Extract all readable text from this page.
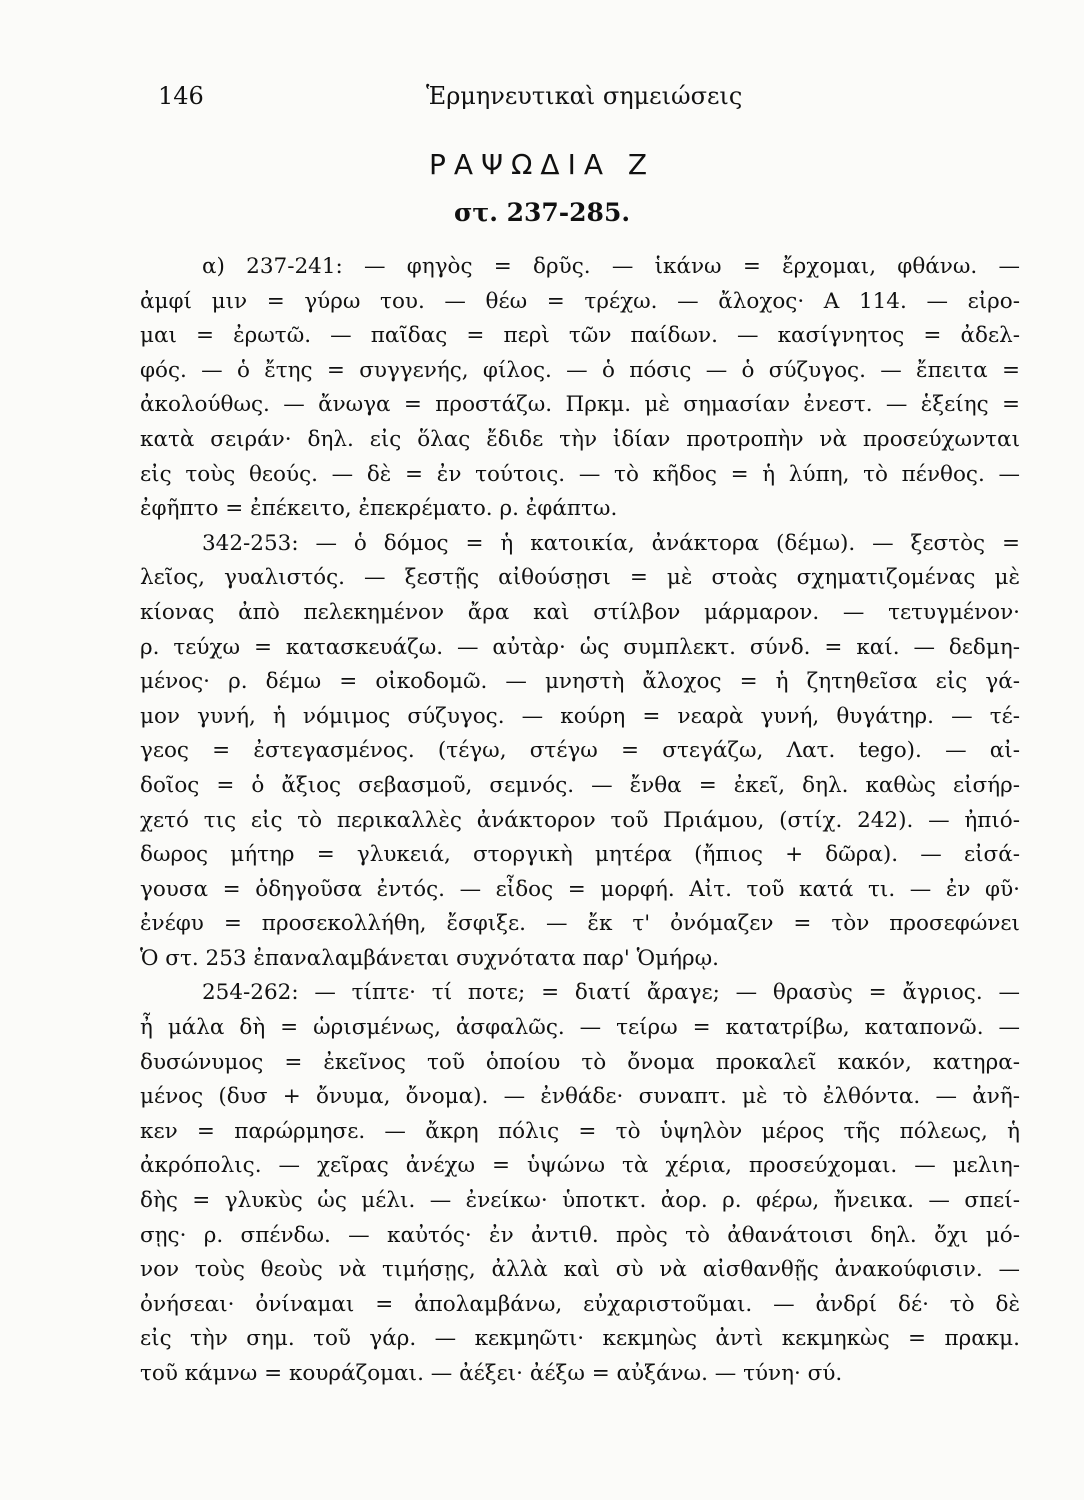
146	Ἑρμηνευτικαὶ σημειώσεις
ΡΑΨΩΔΙΑ Ζ
στ. 237-285.
α) 237-241: — φηγὸς = δρῦς. — ἱκάνω = ἔρχομαι, φθάνω. —
ἀμφί μιν = γύρω του. — θέω = τρέχω. — ἄλοχος· Α 114. — εἰρο-
μαι = ἐρωτῶ. — παῖδας = περὶ τῶν παίδων. — κασίγνητος = ἀδελ-
φός. — ὁ ἔτης = συγγενής, φίλος. — ὁ πόσις — ὁ σύζυγος. — ἔπειτα =
ἀκολούθως. — ἄνωγα = προστάζω. Πρκμ. μὲ σημασίαν ἐνεστ. — ἑξείης =
κατὰ σειράν· δηλ. εἰς ὅλας ἔδιδε τὴν ἰδίαν προτροπὴν νὰ προσεύχωνται
εἰς τοὺς θεούς. — δὲ = ἐν τούτοις. — τὸ κῆδος = ἡ λύπη, τὸ πένθος. —
ἐφῆπτο = ἐπέκειτο, ἐπεκρέματο. ρ. ἐφάπτω.
342-253: — ὁ δόμος = ἡ κατοικία, ἀνάκτορα (δέμω). — ξεστὸς =
λεῖος, γυαλιστός. — ξεστῇς αἰθούσῃσι = μὲ στοὰς σχηματιζομένας μὲ
κίονας ἀπὸ πελεκημένον ἄρα καὶ στίλβον μάρμαρον. — τετυγμένον·
ρ. τεύχω = κατασκευάζω. — αὐτὰρ· ὡς συμπλεκτ. σύνδ. = καί. — δεδμη-
μένος· ρ. δέμω = οἰκοδομῶ. — μνηστὴ ἄλοχος = ἡ ζητηθεῖσα εἰς γά-
μον γυνή, ἡ νόμιμος σύζυγος. — κούρη = νεαρὰ γυνή, θυγάτηρ. — τέ-
γεος = ἐστεγασμένος. (τέγω, στέγω = στεγάζω, Λατ. tego). — αἰ-
δοῖος = ὁ ἄξιος σεβασμοῦ, σεμνός. — ἔνθα = ἐκεῖ, δηλ. καθὼς εἰσήρ-
χετό τις εἰς τὸ περικαλλὲς ἀνάκτορον τοῦ Πριάμου, (στίχ. 242). — ἠπιό-
δωρος μήτηρ = γλυκειά, στοργικὴ μητέρα (ἤπιος + δῶρα). — εἰσά-
γουσα = ὁδηγοῦσα ἐντός. — εἶδος = μορφή. Αἰτ. τοῦ κατά τι. — ἐν φῦ·
ἐνέφυ = προσεκολλήθη, ἔσφιξε. — ἔκ τ' ὀνόμαζεν = τὸν προσεφώνει
Ὁ στ. 253 ἐπαναλαμβάνεται συχνότατα παρ' Ὁμήρῳ.
254-262: — τίπτε· τί ποτε; = διατί ἄραγε; — θρασὺς = ἄγριος. —
ἦ μάλα δὴ = ὡρισμένως, ἀσφαλῶς. — τείρω = κατατρίβω, καταπονῶ. —
δυσώνυμος = ἐκεῖνος τοῦ ὁποίου τὸ ὄνομα προκαλεῖ κακόν, κατηρα-
μένος (δυσ + ὄνυμα, ὄνομα). — ἐνθάδε· συναπτ. μὲ τὸ ἐλθόντα. — ἀνῆ-
κεν = παρώρμησε. — ἄκρη πόλις = τὸ ὑψηλὸν μέρος τῆς πόλεως, ἡ
ἀκρόπολις. — χεῖρας ἀνέχω = ὑψώνω τὰ χέρια, προσεύχομαι. — μελιη-
δὴς = γλυκὺς ὡς μέλι. — ἐνείκω· ὑποτκτ. ἀορ. ρ. φέρω, ἤνεικα. — σπεί-
σῃς· ρ. σπένδω. — καὐτός· ἐν ἀντιθ. πρὸς τὸ ἀθανάτοισι δηλ. ὄχι μό-
νον τοὺς θεοὺς νὰ τιμήσῃς, ἀλλὰ καὶ σὺ νὰ αἰσθανθῇς ἀνακούφισιν. —
ὀνήσεαι· ὀνίναμαι = ἀπολαμβάνω, εὐχαριστοῦμαι. — ἀνδρί δέ· τὸ δὲ
εἰς τὴν σημ. τοῦ γάρ. — κεκμηῶτι· κεκμηὼς ἀντὶ κεκμηκὼς = πρακμ.
τοῦ κάμνω = κουράζομαι. — ἀέξει· ἀέξω = αὐξάνω. — τύνη· σύ.
